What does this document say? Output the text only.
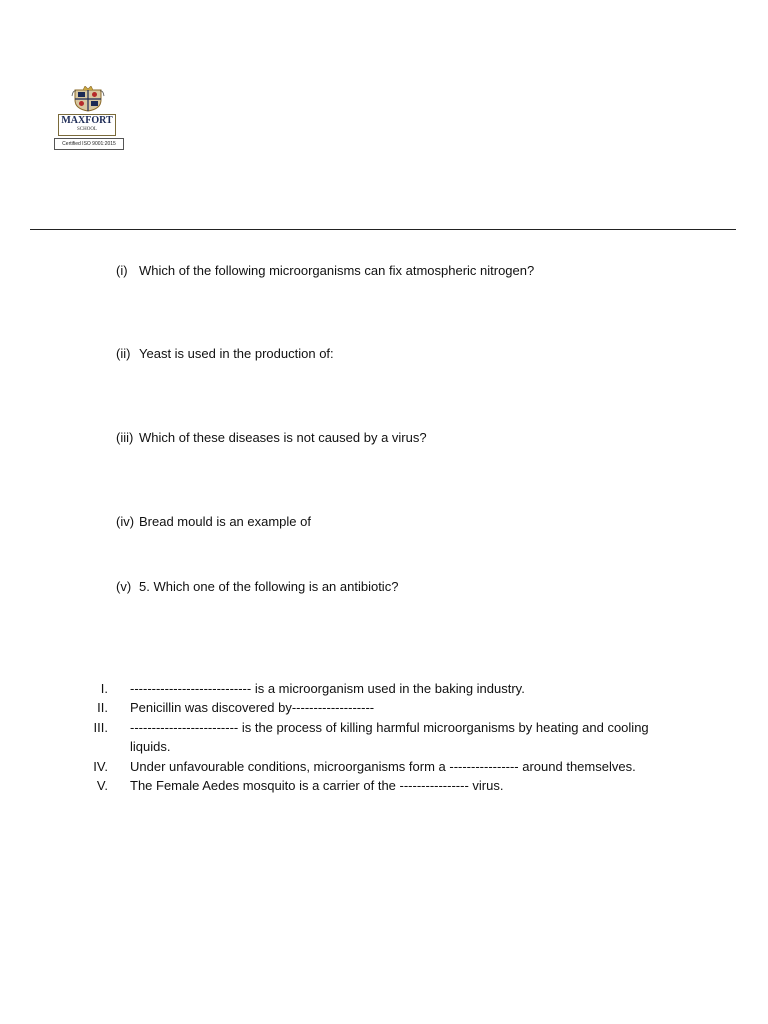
MAXFORT
SCHOOL
Certified ISO 9001:2015
(i) Which of the following microorganisms can fix atmospheric nitrogen?
(ii) Yeast is used in the production of:
(iii) Which of these diseases is not caused by a virus?
(iv) Bread mould is an example of
(v) 5. Which one of the following is an antibiotic?
I. ---------------------------- is a microorganism used in the baking industry.
II. Penicillin was discovered by-------------------
III. ------------------------- is the process of killing harmful microorganisms by heating and cooling liquids.
IV. Under unfavourable conditions, microorganisms form a ---------------- around themselves.
V. The Female Aedes mosquito is a carrier of the ---------------- virus.
